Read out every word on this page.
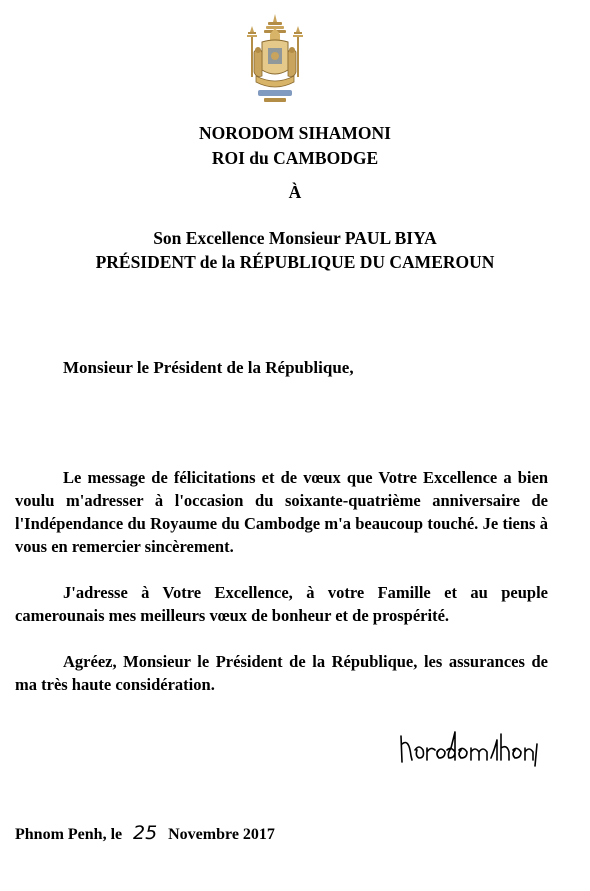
NORODOM SIHAMONI
ROI du CAMBODGE
À
Son Excellence Monsieur PAUL BIYA
PRÉSIDENT de la RÉPUBLIQUE DU CAMEROUN
Monsieur le Président de la République,

Le message de félicitations et de vœux que Votre Excellence a bien voulu m'adresser à l'occasion du soixante-quatrième anniversaire de l'Indépendance du Royaume du Cambodge m'a beaucoup touché. Je tiens à vous en remercier sincèrement.

J'adresse à Votre Excellence, à votre Famille et au peuple camerounais mes meilleurs vœux de bonheur et de prospérité.

Agréez, Monsieur le Président de la République, les assurances de ma très haute considération.

Phnom Penh, le 25 Novembre 2017
